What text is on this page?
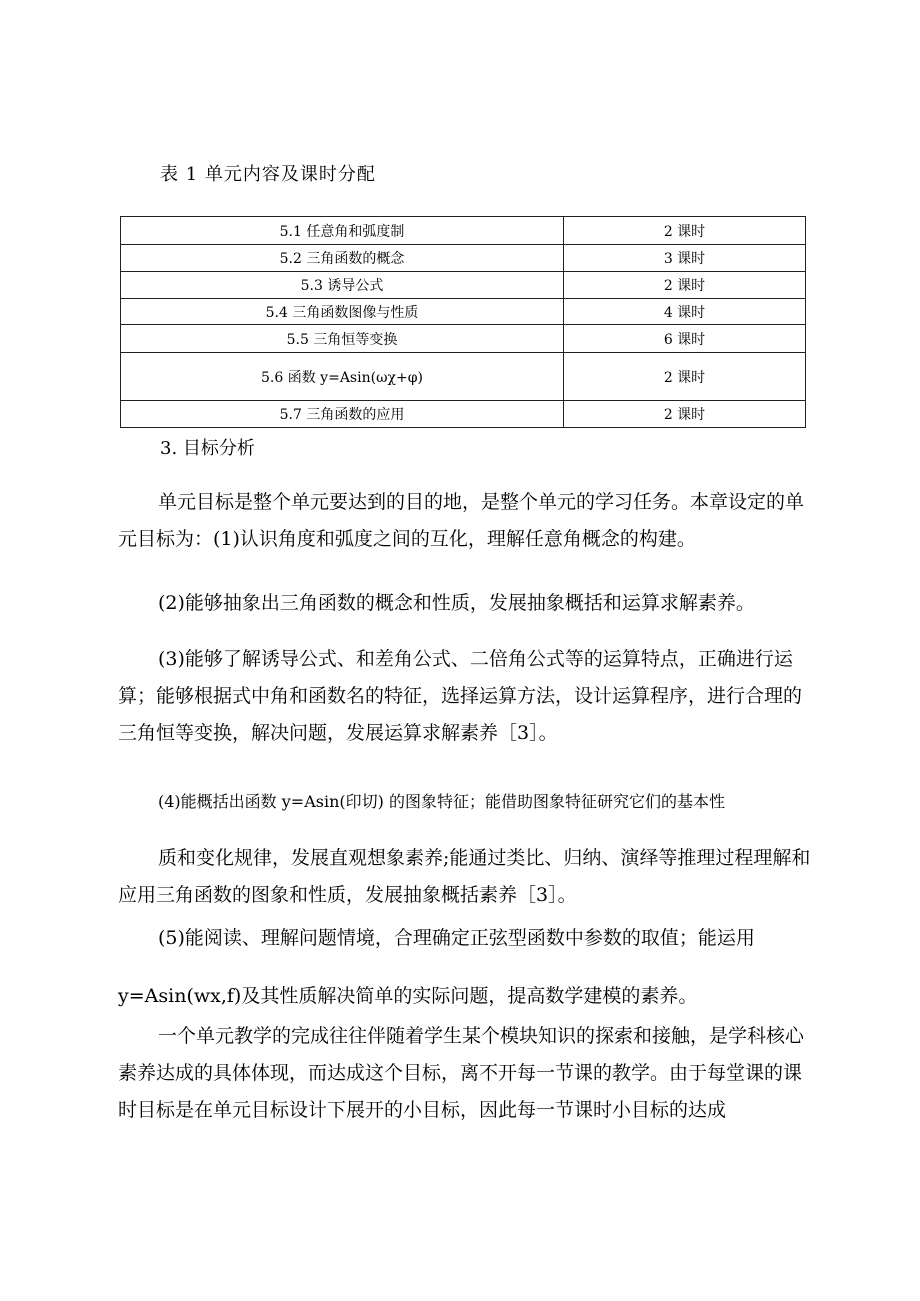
表 1 单元内容及课时分配
5.1 任意角和弧度制	2 课时
5.2 三角函数的概念	3 课时
5.3 诱导公式	2 课时
5.4 三角函数图像与性质	4 课时
5.5 三角恒等变换	6 课时
5.6 函数 y=Asin(ωχ+φ)	2 课时
5.7 三角函数的应用	2 课时
3. 目标分析

单元目标是整个单元要达到的目的地，是整个单元的学习任务。本章设定的单元目标为：(1)认识角度和弧度之间的互化，理解任意角概念的构建。

(2)能够抽象出三角函数的概念和性质，发展抽象概括和运算求解素养。

(3)能够了解诱导公式、和差角公式、二倍角公式等的运算特点，正确进行运算；能够根据式中角和函数名的特征，选择运算方法，设计运算程序，进行合理的三角恒等变换，解决问题，发展运算求解素养［3］。

(4)能概括出函数 y=Asin(印切) 的图象特征；能借助图象特征研究它们的基本性

质和变化规律，发展直观想象素养;能通过类比、归纳、演绎等推理过程理解和应用三角函数的图象和性质，发展抽象概括素养［3］。

(5)能阅读、理解问题情境，合理确定正弦型函数中参数的取值；能运用

y=Asin(wx,f)及其性质解决简单的实际问题，提高数学建模的素养。

一个单元教学的完成往往伴随着学生某个模块知识的探索和接触，是学科核心素养达成的具体体现，而达成这个目标，离不开每一节课的教学。由于每堂课的课时目标是在单元目标设计下展开的小目标，因此每一节课时小目标的达成
